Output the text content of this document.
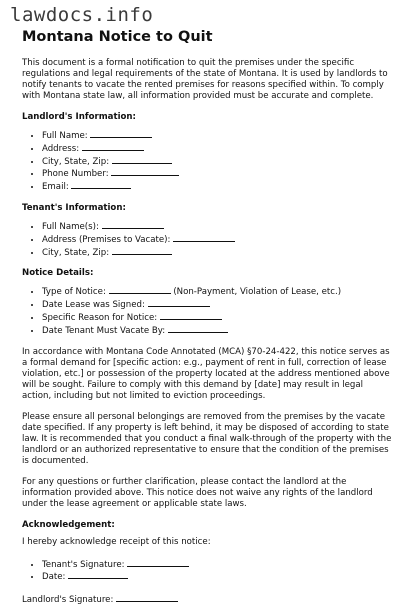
lawdocs.info
Montana Notice to Quit

This document is a formal notification to quit the premises under the specific regulations and legal requirements of the state of Montana. It is used by landlords to notify tenants to vacate the rented premises for reasons specified within. To comply with Montana state law, all information provided must be accurate and complete.

Landlord's Information:
• Full Name:
• Address:
• City, State, Zip:
• Phone Number:
• Email:
Tenant's Information:
• Full Name(s):
• Address (Premises to Vacate):
• City, State, Zip:
Notice Details:
• Type of Notice:	(Non-Payment, Violation of Lease, etc.)
• Date Lease was Signed:
• Specific Reason for Notice:
• Date Tenant Must Vacate By:

In accordance with Montana Code Annotated (MCA) §70-24-422, this notice serves as a formal demand for [specific action: e.g., payment of rent in full, correction of lease violation, etc.] or possession of the property located at the address mentioned above will be sought. Failure to comply with this demand by [date] may result in legal action, including but not limited to eviction proceedings.

Please ensure all personal belongings are removed from the premises by the vacate date specified. If any property is left behind, it may be disposed of according to state law. It is recommended that you conduct a final walk-through of the property with the landlord or an authorized representative to ensure that the condition of the premises is documented.

For any questions or further clarification, please contact the landlord at the information provided above. This notice does not waive any rights of the landlord under the lease agreement or applicable state laws.

Acknowledgement:

I hereby acknowledge receipt of this notice:

• Tenant's Signature:
• Date:

Landlord's Signature:
